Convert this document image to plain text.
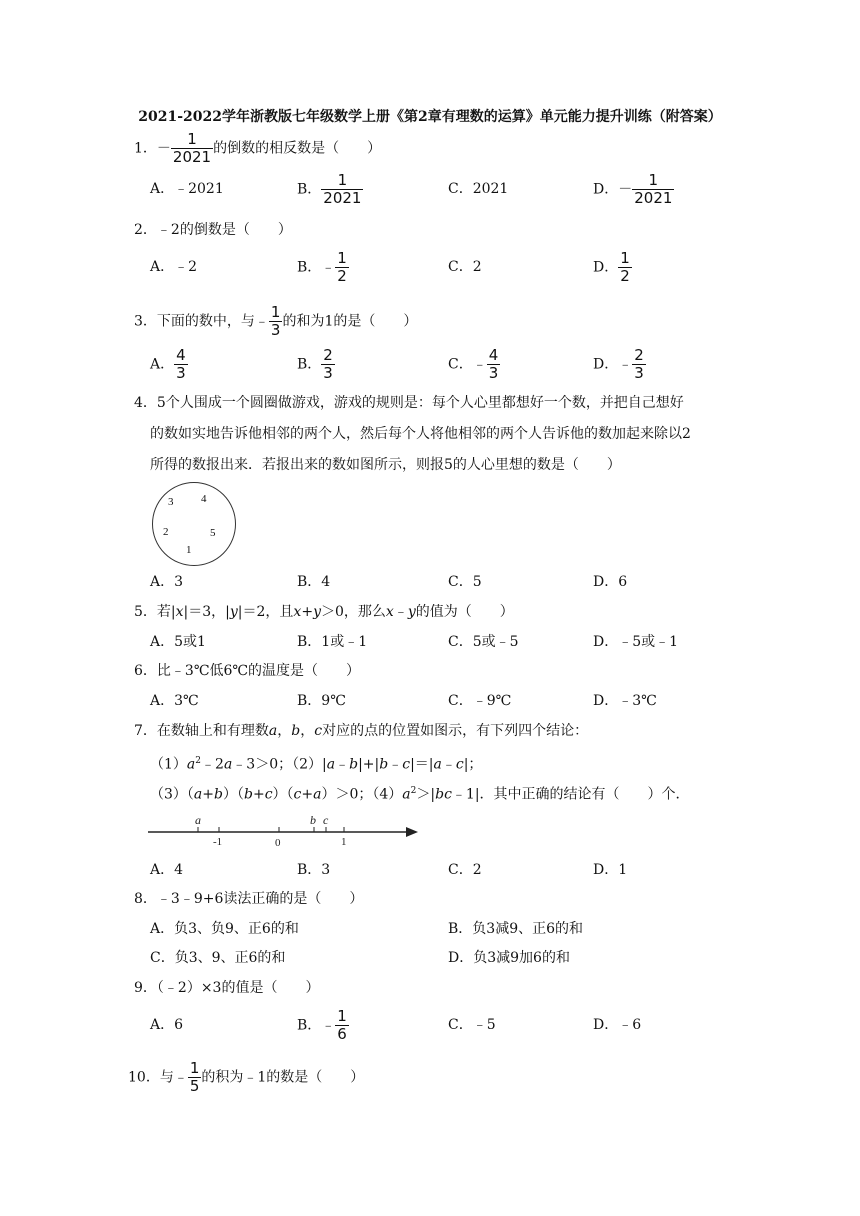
2021-2022学年浙教版七年级数学上册《第2章有理数的运算》单元能力提升训练（附答案）
1．－ $\frac{1}{2021}$ 的倒数的相反数是（　　）
A．﹣2021	B． $\frac{1}{2021}$	C．2021	D．－ $\frac{1}{2021}$
2．﹣2的倒数是（　　）
A．﹣2	B．﹣ $\frac{1}{2}$	C．2	D． $\frac{1}{2}$
3．下面的数中，与﹣ $\frac{1}{3}$ 的和为1的是（　　）
A． $\frac{4}{3}$	B． $\frac{2}{3}$	C．﹣ $\frac{4}{3}$	D．﹣ $\frac{2}{3}$
4．5个人围成一个圆圈做游戏，游戏的规则是：每个人心里都想好一个数，并把自己想好
的数如实地告诉他相邻的两个人，然后每个人将他相邻的两个人告诉他的数加起来除以2
所得的数报出来．若报出来的数如图所示，则报5的人心里想的数是（　　）
3	4
2	5
1
A．3	B．4	C．5	D．6
5．若|x|＝3，|y|＝2，且x+y＞0，那么x﹣y的值为（　　）
A．5或1	B．1或﹣1	C．5或﹣5	D．﹣5或﹣1
6．比﹣3℃低6℃的温度是（　　）
A．3℃	B．9℃	C．﹣9℃	D．﹣3℃
7．在数轴上和有理数a，b，c对应的点的位置如图示，有下列四个结论：
$(1)a^2﹣2a﹣3>0$；（2）|a﹣b|+|b﹣c|＝|a﹣c|；
（3）（a+b）（b+c）（c+a）＞0；$(4)a^2>|bc﹣1|$．其中正确的结论有（　　）个．
a
-1	0
b c
1
A．4	B．3	C．2	D．1
8．﹣3﹣9+6读法正确的是（　　）
A．负3、负9、正6的和	B．负3减9、正6的和
C．负3、9、正6的和	D．负3减9加6的和
9．（﹣2）×3的值是（　　）
A．6	B．﹣ $\frac{1}{6}$	C．﹣5	D．﹣6
10．与﹣ $\frac{1}{5}$ 的积为﹣1的数是（　　）
